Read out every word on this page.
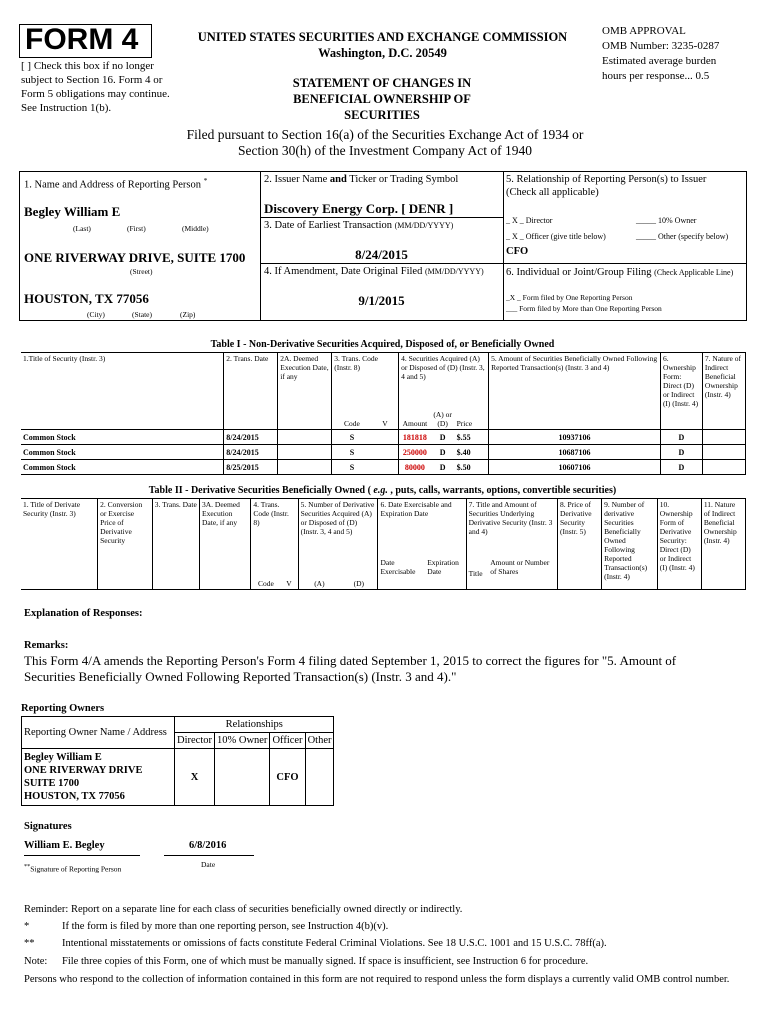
FORM 4
[ ] Check this box if no longer subject to Section 16. Form 4 or Form 5 obligations may continue. See Instruction 1(b).
UNITED STATES SECURITIES AND EXCHANGE COMMISSION
Washington, D.C. 20549
STATEMENT OF CHANGES IN BENEFICIAL OWNERSHIP OF SECURITIES
OMB APPROVAL
OMB Number: 3235-0287
Estimated average burden
hours per response... 0.5
Filed pursuant to Section 16(a) of the Securities Exchange Act of 1934 or
Section 30(h) of the Investment Company Act of 1940
1. Name and Address of Reporting Person *
Begley William E
(Last)	(First)	(Middle)
ONE RIVERWAY DRIVE, SUITE 1700
(Street)
HOUSTON, TX 77056
(City)	(State)	(Zip)
2. Issuer Name and Ticker or Trading Symbol
Discovery Energy Corp. [ DENR ]
3. Date of Earliest Transaction (MM/DD/YYYY)
8/24/2015
4. If Amendment, Date Original Filed (MM/DD/YYYY)
9/1/2015
5. Relationship of Reporting Person(s) to Issuer
(Check all applicable)
_ X _ Director	_____ 10% Owner
_ X _ Officer (give title below)	_____ Other (specify below)
CFO
6. Individual or Joint/Group Filing (Check Applicable Line)
_X _ Form filed by One Reporting Person
___ Form filed by More than One Reporting Person
Table I - Non-Derivative Securities Acquired, Disposed of, or Beneficially Owned
1.Title of Security (Instr. 3)	2. Trans. Date	2A. Deemed Execution Date, if any	3. Trans. Code (Instr. 8)		4. Securities Acquired (A) or Disposed of (D) (Instr. 3, 4 and 5)			5. Amount of Securities Beneficially Owned Following Reported Transaction(s) (Instr. 3 and 4)	6. Ownership Form: Direct (D) or Indirect (I) (Instr. 4)	7. Nature of Indirect Beneficial Ownership (Instr. 4)
			Code	V	Amount	(A) or (D)	Price			
Common Stock	8/24/2015		S		181818	D	$.55	10937106	D	
Common Stock	8/24/2015		S		250000	D	$.40	10687106	D	
Common Stock	8/25/2015		S		80000	D	$.50	10607106	D	
Table II - Derivative Securities Beneficially Owned ( e.g. , puts, calls, warrants, options, convertible securities)
1. Title of Derivate Security (Instr. 3)	2. Conversion or Exercise Price of Derivative Security	3. Trans. Date	3A. Deemed Execution Date, if any	4. Trans. Code (Instr. 8)		5. Number of Derivative Securities Acquired (A) or Disposed of (D) (Instr. 3, 4 and 5)		6. Date Exercisable and Expiration Date		7. Title and Amount of Securities Underlying Derivative Security (Instr. 3 and 4)		8. Price of Derivative Security (Instr. 5)	9. Number of derivative Securities Beneficially Owned Following Reported Transaction(s) (Instr. 4)	10. Ownership Form of Derivative Security: Direct (D) or Indirect (I) (Instr. 4)	11. Nature of Indirect Beneficial Ownership (Instr. 4)
				Code	V	(A)	(D)	Date Exercisable	Expiration Date	Title	Amount or Number of Shares				
Explanation of Responses:
Remarks:
This Form 4/A amends the Reporting Person's Form 4 filing dated September 1, 2015 to correct the figures for "5. Amount of Securities Beneficially Owned Following Reported Transaction(s) (Instr. 3 and 4)."
Reporting Owners
Reporting Owner Name / Address	Relationships			
	Director	10% Owner	Officer	Other

Begley William E
ONE RIVERWAY DRIVE
SUITE 1700
HOUSTON, TX 77056	X		CFO	
Signatures
William E. Begley	6/8/2016
**Signature of Reporting Person	Date
Reminder: Report on a separate line for each class of securities beneficially owned directly or indirectly.
*	If the form is filed by more than one reporting person, see Instruction 4(b)(v).
**	Intentional misstatements or omissions of facts constitute Federal Criminal Violations. See 18 U.S.C. 1001 and 15 U.S.C. 78ff(a).
Note: File three copies of this Form, one of which must be manually signed. If space is insufficient, see Instruction 6 for procedure.
Persons who respond to the collection of information contained in this form are not required to respond unless the form displays a currently valid OMB control number.
